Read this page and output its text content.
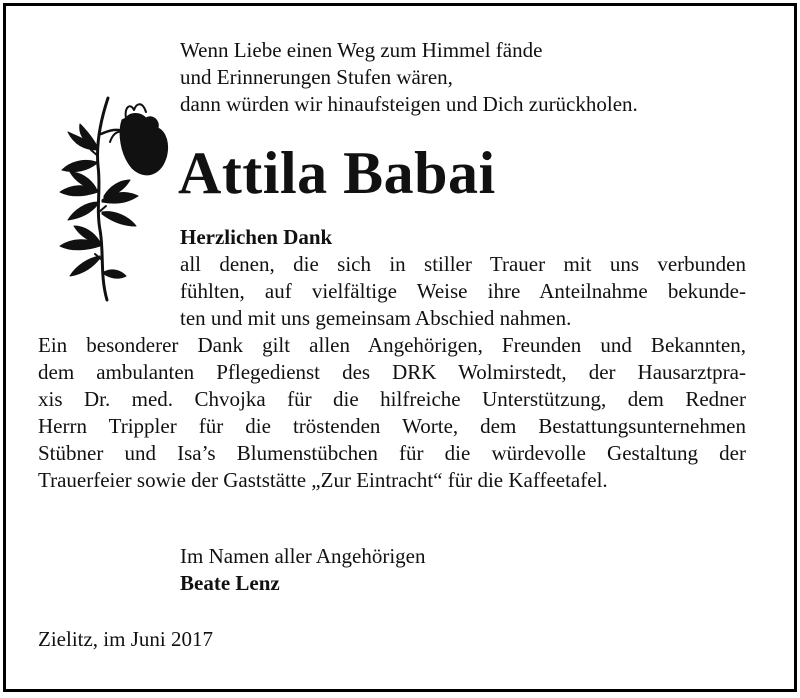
Wenn Liebe einen Weg zum Himmel fände
und Erinnerungen Stufen wären,
dann würden wir hinaufsteigen und Dich zurückholen.
Attila Babai
Herzlichen Dank
all denen, die sich in stiller Trauer mit uns verbunden
fühlten, auf vielfältige Weise ihre Anteilnahme bekunde-
ten und mit uns gemeinsam Abschied nahmen.
Ein besonderer Dank gilt allen Angehörigen, Freunden und Bekannten,
dem ambulanten Pflegedienst des DRK Wolmirstedt, der Hausarztpra-
xis Dr. med. Chvojka für die hilfreiche Unterstützung, dem Redner
Herrn Trippler für die tröstenden Worte, dem Bestattungsunternehmen
Stübner und Isa’s Blumenstübchen für die würdevolle Gestaltung der
Trauerfeier sowie der Gaststätte „Zur Eintracht“ für die Kaffeetafel.
Im Namen aller Angehörigen
Beate Lenz
Zielitz, im Juni 2017
